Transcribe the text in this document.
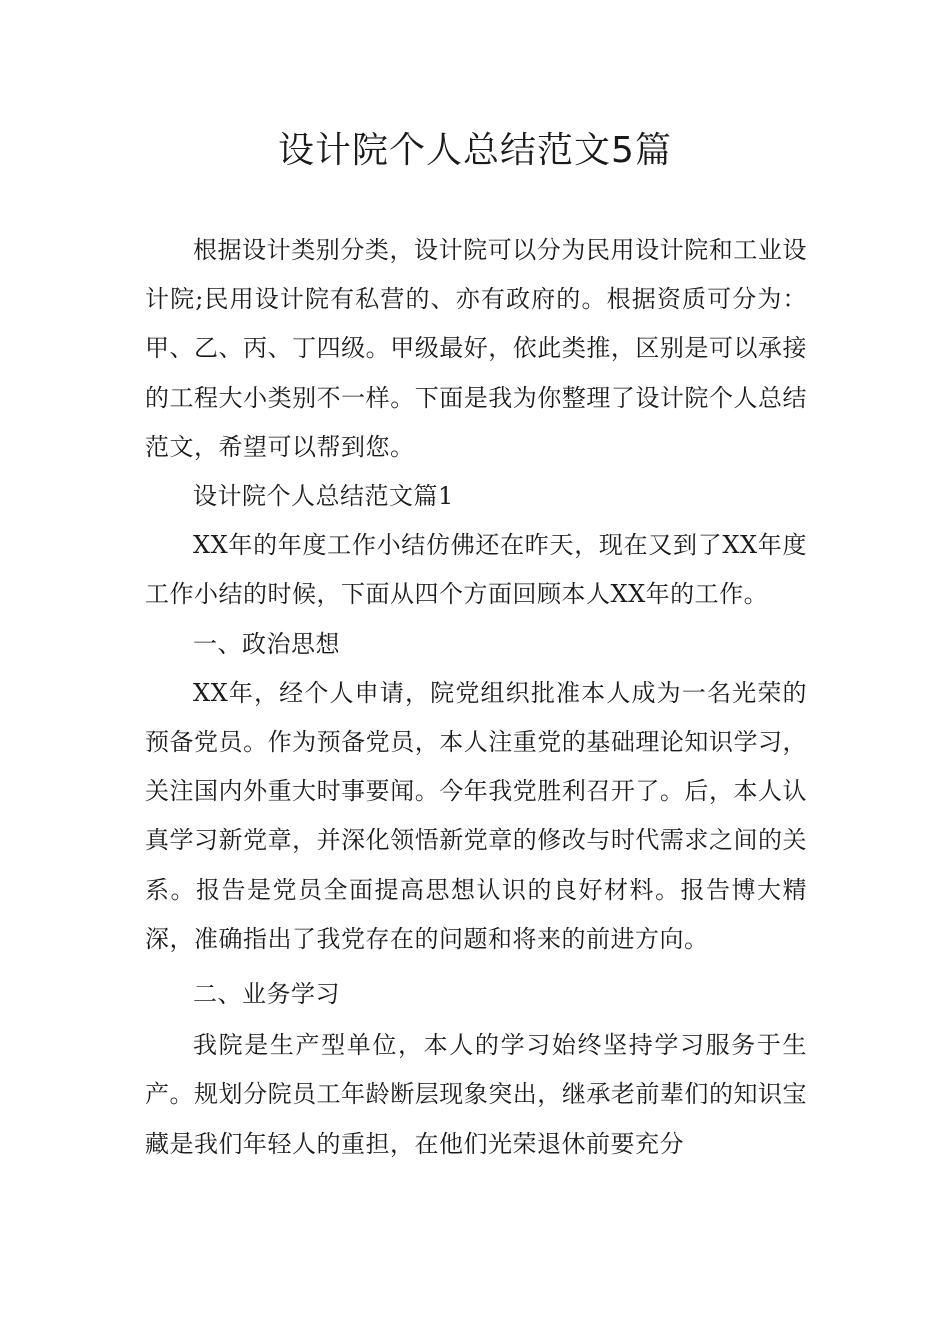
设计院个人总结范文5篇

根据设计类别分类，设计院可以分为民用设计院和工业设计院;民用设计院有私营的、亦有政府的。根据资质可分为：甲、乙、丙、丁四级。甲级最好，依此类推，区别是可以承接的工程大小类别不一样。下面是我为你整理了设计院个人总结范文，希望可以帮到您。

设计院个人总结范文篇1

XX年的年度工作小结仿佛还在昨天，现在又到了XX年度工作小结的时候，下面从四个方面回顾本人XX年的工作。

一、政治思想

XX年，经个人申请，院党组织批准本人成为一名光荣的预备党员。作为预备党员，本人注重党的基础理论知识学习，关注国内外重大时事要闻。今年我党胜利召开了。后，本人认真学习新党章，并深化领悟新党章的修改与时代需求之间的关系。报告是党员全面提高思想认识的良好材料。报告博大精深，准确指出了我党存在的问题和将来的前进方向。

二、业务学习

我院是生产型单位，本人的学习始终坚持学习服务于生产。规划分院员工年龄断层现象突出，继承老前辈们的知识宝藏是我们年轻人的重担，在他们光荣退休前要充分
